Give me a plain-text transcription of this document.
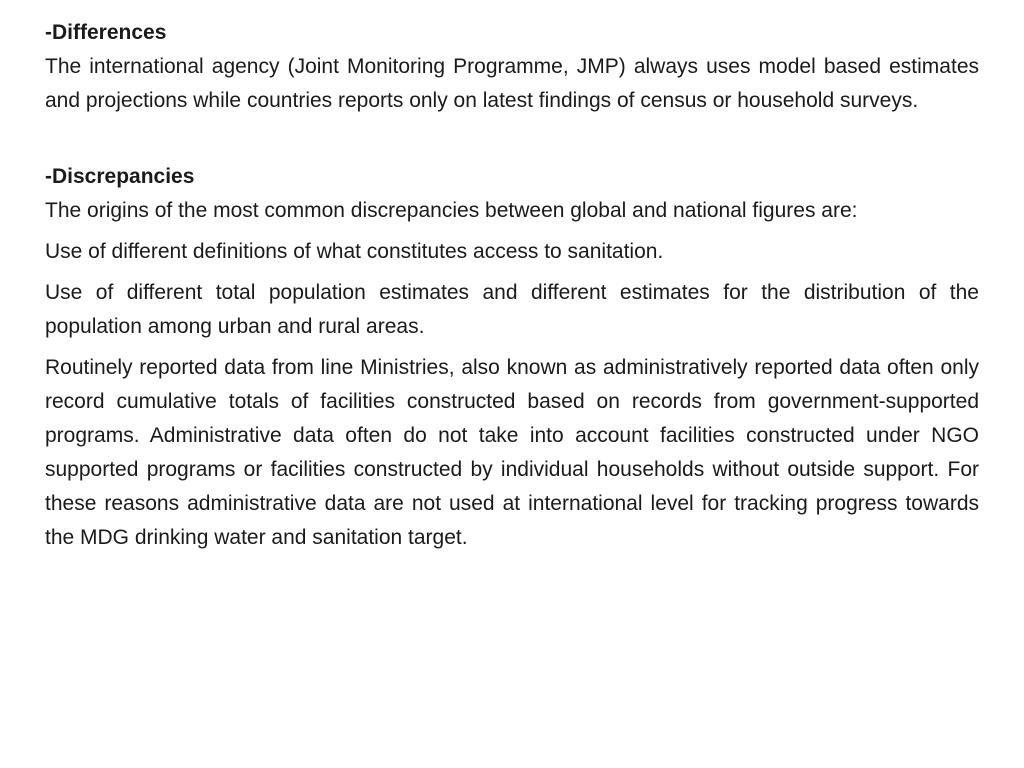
-Differences

The international agency (Joint Monitoring Programme, JMP) always uses model based estimates and projections while countries reports only on latest findings of census or household surveys.

-Discrepancies

The origins of the most common discrepancies between global and national figures are:

Use of different definitions of what constitutes access to sanitation.

Use of different total population estimates and different estimates for the distribution of the population among urban and rural areas.

Routinely reported data from line Ministries, also known as administratively reported data often only record cumulative totals of facilities constructed based on records from government-supported programs. Administrative data often do not take into account facilities constructed under NGO supported programs or facilities constructed by individual households without outside support. For these reasons administrative data are not used at international level for tracking progress towards the MDG drinking water and sanitation target.
